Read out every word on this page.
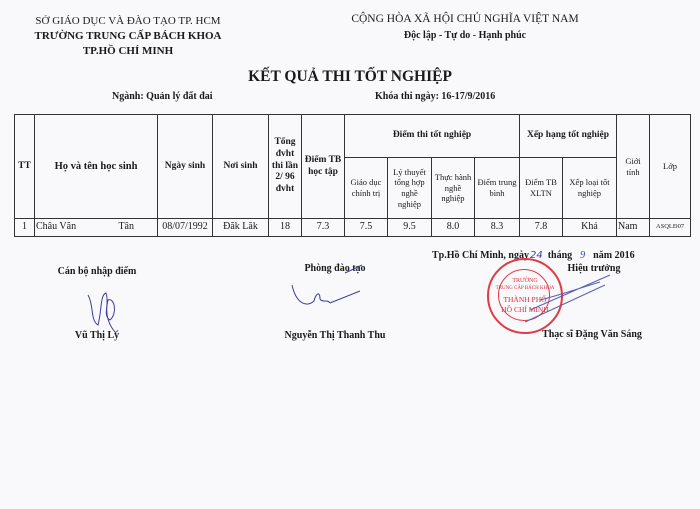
SỞ GIÁO DỤC VÀ ĐÀO TẠO TP. HCM
TRƯỜNG TRUNG CẤP BÁCH KHOA
TP.HỒ CHÍ MINH
CỘNG HÒA XÃ HỘI CHỦ NGHĨA VIỆT NAM
Độc lập - Tự do - Hạnh phúc
KẾT QUẢ THI TỐT NGHIỆP
Ngành: Quản lý đất đai	Khóa thi ngày: 16-17/9/2016
TT	Họ và tên học sinh	Ngày sinh	Nơi sinh	Tổng đvht thi lần 2/ 96 đvht	Điểm TB học tập	Điểm thi tốt nghiệp				Xếp hạng tốt nghiệp		Giới tính	Lớp
						Giáo dục chính trị	Lý thuyết tổng hợp nghề nghiệp	Thực hành nghề nghiệp	Điểm trung bình	Điểm TB XLTN	Xếp loại tốt nghiệp		
1	Châu Văn Tân	08/07/1992	Đăk Lăk	18	7.3	7.5	9.5	8.0	8.3	7.8	Khá	Nam	ASQLĐ07
Tp.Hồ Chí Minh, ngày24 tháng 9 năm 2016
Cán bộ nhập điểm	Phòng đào tạo	Hiệu trưởng
TRƯỜNG
TRUNG CẤP BÁCH KHOA
THÀNH PHỐ
HỒ CHÍ MINH
Vũ Thị Lý	Nguyễn Thị Thanh Thu	Thạc sĩ Đặng Văn Sáng
